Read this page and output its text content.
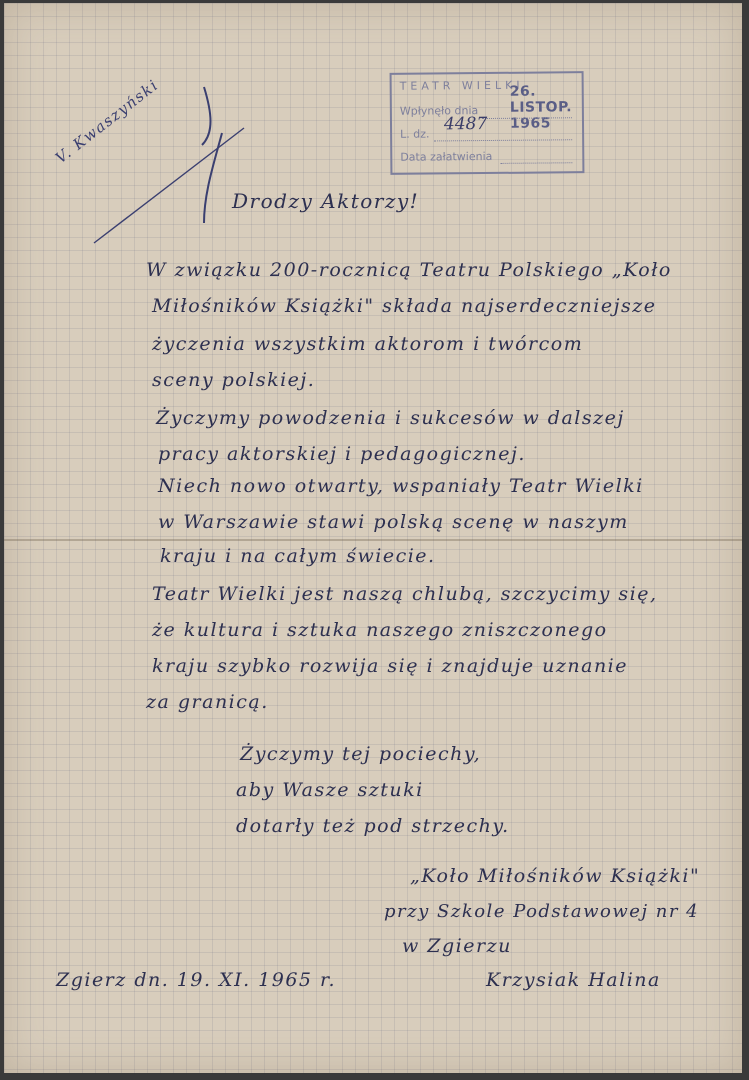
TEATR WIELKI
26. LISTOP. 1965
Wpłynęło dnia
L. dz. 4487
Data załatwienia
V. Kwaszyński
Drodzy Aktorzy!
W związku 200-rocznicą Teatru Polskiego „Koło
Miłośników Książki" składa najserdeczniejsze
życzenia wszystkim aktorom i twórcom
sceny polskiej.
Życzymy powodzenia i sukcesów w dalszej
pracy aktorskiej i pedagogicznej.
Niech nowo otwarty, wspaniały Teatr Wielki
w Warszawie stawi polską scenę w naszym
kraju i na całym świecie.
Teatr Wielki jest naszą chlubą, szczycimy się,
że kultura i sztuka naszego zniszczonego
kraju szybko rozwija się i znajduje uznanie
za granicą.
Życzymy tej pociechy,
aby Wasze sztuki
dotarły też pod strzechy.
„Koło Miłośników Książki"
przy Szkole Podstawowej nr 4
w Zgierzu
Zgierz dn. 19. XI. 1965 r.	Krzysiak Halina
